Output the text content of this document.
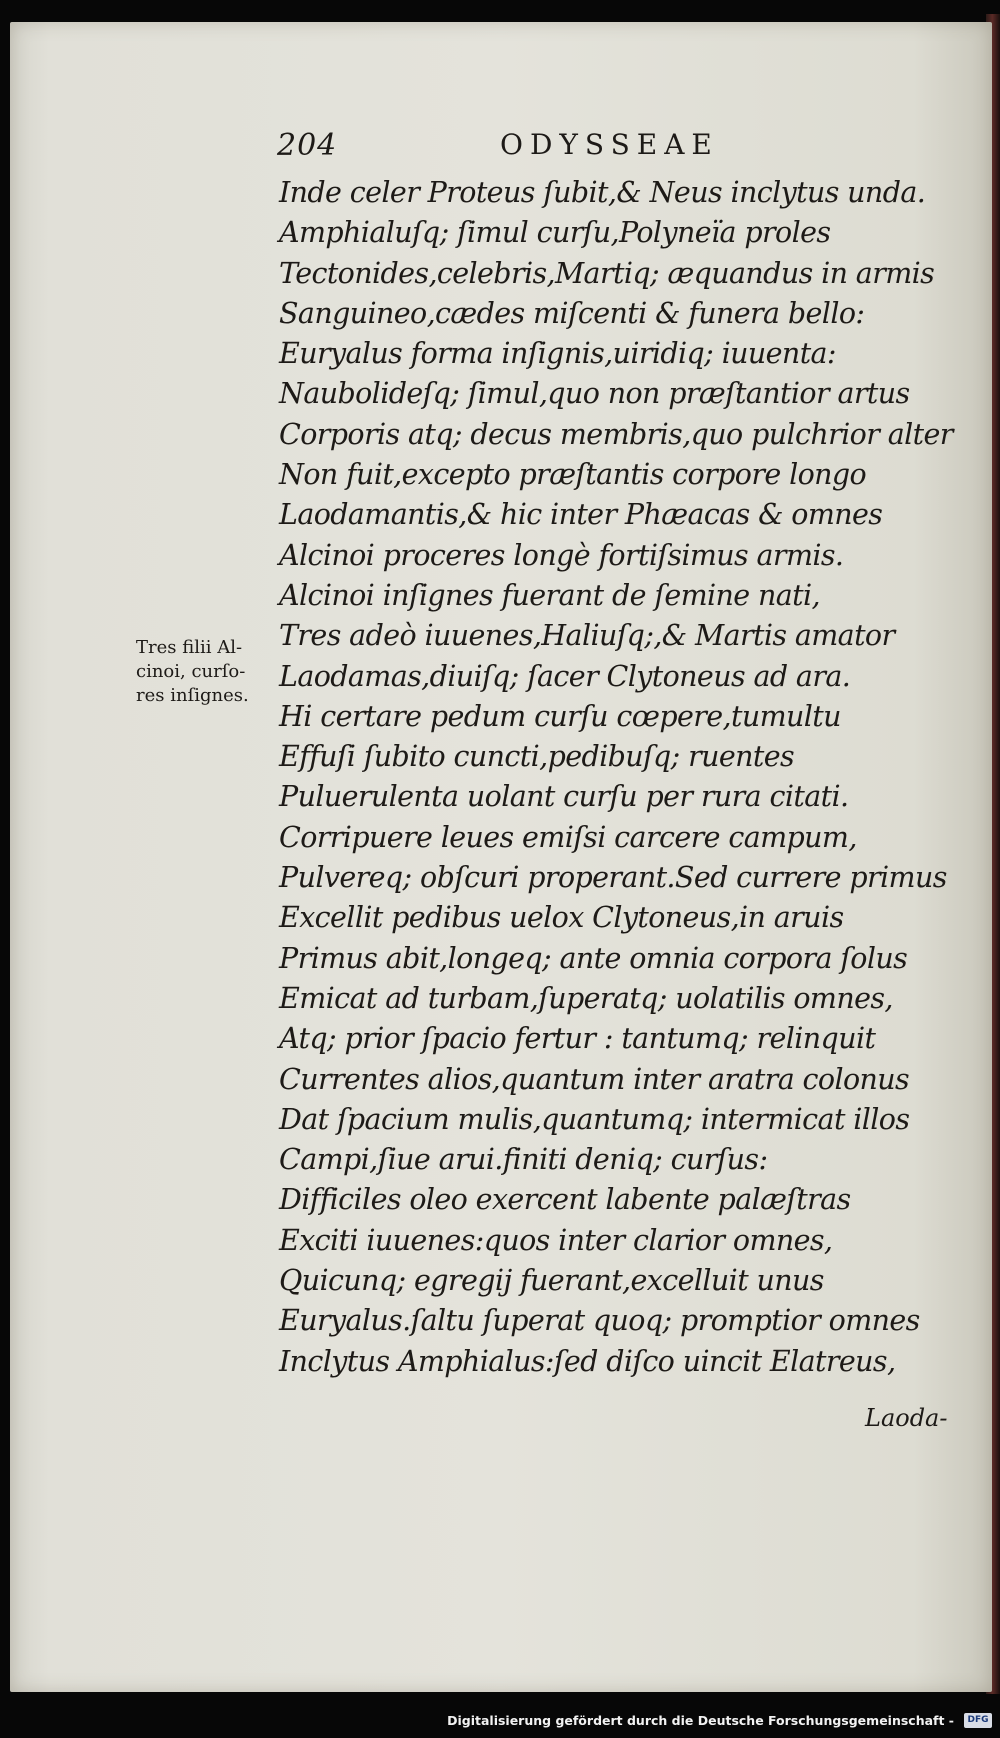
204	ODYSSEAE
Inde celer Proteus ſubit,& Neus inclytus unda.
Amphialuſq; ſimul curſu,Polyneïa proles
Tectonides,celebris,Martiq; æquandus in armis
Sanguineo,cædes miſcenti & funera bello:
Euryalus forma inſignis,uiridiq; iuuenta:
Naubolideſq; ſimul,quo non præſtantior artus
Corporis atq; decus membris,quo pulchrior alter
Non fuit,excepto præſtantis corpore longo
Laodamantis,& hic inter Phæacas & omnes
Alcinoi proceres longè fortiſsimus armis.
Alcinoi inſignes fuerant de ſemine nati,
Tres adeò iuuenes,Haliuſq;,& Martis amator
Laodamas,diuiſq; ſacer Clytoneus ad ara.
Hi certare pedum curſu cœpere,tumultu
Effuſi ſubito cuncti,pedibuſq; ruentes
Puluerulenta uolant curſu per rura citati.
Corripuere leues emiſsi carcere campum,
Pulvereq; obſcuri properant.Sed currere primus
Excellit pedibus uelox Clytoneus,in aruis
Primus abit,longeq; ante omnia corpora ſolus
Emicat ad turbam,ſuperatq; uolatilis omnes,
Atq; prior ſpacio fertur : tantumq; relinquit
Currentes alios,quantum inter aratra colonus
Dat ſpacium mulis,quantumq; intermicat illos
Campi,ſiue arui.finiti deniq; curſus:
Difficiles oleo exercent labente palæſtras
Exciti iuuenes:quos inter clarior omnes,
Quicunq; egregij fuerant,excelluit unus
Euryalus.ſaltu ſuperat quoq; promptior omnes
Inclytus Amphialus:ſed diſco uincit Elatreus,
Tres filii Al-
cinoi, curſo-
res inſignes.
Laoda-
Digitalisierung gefördert durch die Deutsche Forschungsgemeinschaft -	DFG
